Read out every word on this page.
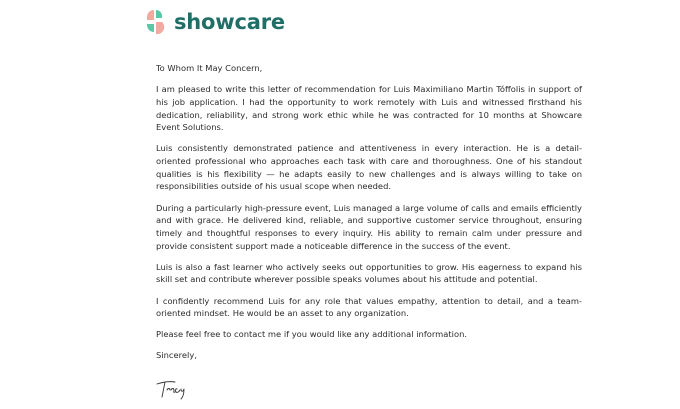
showcare

To Whom It May Concern,

I am pleased to write this letter of recommendation for Luis Maximiliano Martin Tóffolis in support of his job application. I had the opportunity to work remotely with Luis and witnessed firsthand his dedication, reliability, and strong work ethic while he was contracted for 10 months at Showcare Event Solutions.

Luis consistently demonstrated patience and attentiveness in every interaction. He is a detail-oriented professional who approaches each task with care and thoroughness. One of his standout qualities is his flexibility — he adapts easily to new challenges and is always willing to take on responsibilities outside of his usual scope when needed.

During a particularly high-pressure event, Luis managed a large volume of calls and emails efficiently and with grace. He delivered kind, reliable, and supportive customer service throughout, ensuring timely and thoughtful responses to every inquiry. His ability to remain calm under pressure and provide consistent support made a noticeable difference in the success of the event.

Luis is also a fast learner who actively seeks out opportunities to grow. His eagerness to expand his skill set and contribute wherever possible speaks volumes about his attitude and potential.

I confidently recommend Luis for any role that values empathy, attention to detail, and a team-oriented mindset. He would be an asset to any organization.

Please feel free to contact me if you would like any additional information.

Sincerely,
